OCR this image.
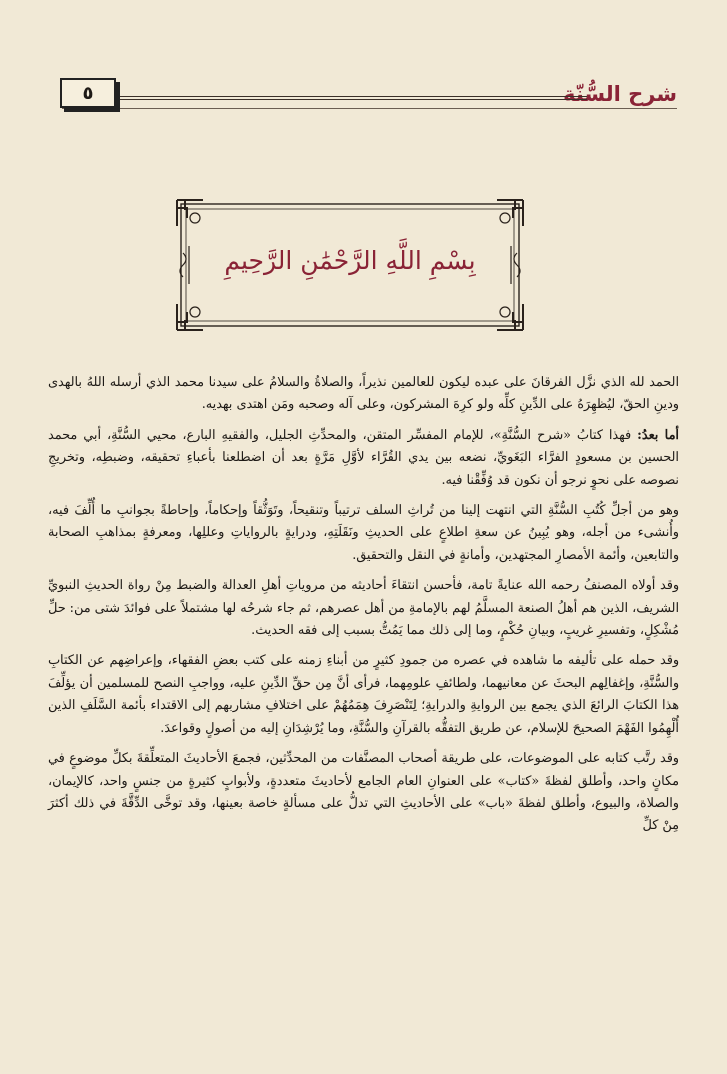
شرح السُّنّة
٥
بِسْمِ اللَّهِ الرَّحْمَٰنِ الرَّحِيمِ

الحمد لله الذي نزَّل الفرقانَ على عبده ليكون للعالمين نذيراً، والصلاةُ والسلامُ على سيدنا محمد الذي أرسله اللهُ بالهدى ودينِ الحقّ، ليُظهِرَهُ على الدِّينِ كلِّه ولو كرِهَ المشركون، وعلى آله وصحبه ومَن اهتدى بهديه.

أما بعدُ: فهذا كتابُ «شرح السُّنَّةِ»، للإمام المفسِّر المتقن، والمحدِّثِ الجليل، والفقيهِ البارع، محيي السُّنَّةِ، أبي محمد الحسين بن مسعودٍ الفرَّاء البَغَويِّ، نضعه بين يدي القُرَّاء لأوَّلِ مَرَّةٍ بعد أن اضطلعنا بأعباءِ تحقيقه، وضبطِه، وتخريجِ نصوصه على نحوٍ نرجو أن نكون قد وُفِّقْنا فيه.

وهو من أجلِّ كُتُبِ السُّنَّةِ التي انتهت إلينا من تُراثِ السلف ترتيباً وتنقيحاً، وتَوَثُّقاً وإحكاماً، وإحاطةً بجوانبِ ما أُلِّفَ فيه، وأُنشىء من أجله، وهو يُبِينُ عن سعةِ اطلاعٍ على الحديثِ ونَقَلَتِهِ، ودرايةٍ بالرواياتِ وعللِها، ومعرفةٍ بمذاهبِ الصحابة والتابعين، وأئمة الأمصارِ المجتهدين، وأمانةٍ في النقل والتحقيق.

وقد أولاه المصنفُ رحمه الله عنايةً تامة، فأحسن انتقاءَ أحاديثه من مروياتِ أهلِ العدالة والضبط مِنْ رواة الحديثِ النبويِّ الشريف، الذين هم أهلُ الصنعة المسلَّمُ لهم بالإمامةِ من أهل عصرهم، ثم جاء شرحُه لها مشتملاً على فوائدَ شتى من: حلِّ مُشْكِلٍ، وتفسيرِ غريبٍ، وبيانِ حُكْمٍ، وما إلى ذلك مما يَمُتُّ بسبب إلى فقه الحديث.

وقد حمله على تأليفه ما شاهده في عصره من جمودِ كثيرٍ من أبناءِ زمنه على كتب بعضِ الفقهاء، وإعراضِهم عن الكتابِ والسُّنَّةِ، وإغفالِهم البحثَ عن معانيهما، ولطائفِ علومِهما، فرأى أنَّ مِن حقِّ الدِّينِ عليه، وواجبِ النصح للمسلمين أن يؤلِّفَ هذا الكتابَ الرائعَ الذي يجمع بين الروايةِ والدرايةِ؛ لِتَنْصَرِفَ هِمَمُهُمْ على اختلافِ مشاربهم إلى الاقتداء بأئمة السَّلَفِ الذين أُلْهِمُوا الفَهْمَ الصحيحَ للإسلام، عن طريق التفقُّه بالقرآنِ والسُّنَّةِ، وما يُرْشِدَانِ إليه من أصولٍ وقواعدَ.

وقد رتَّب كتابه على الموضوعات، على طريقة أصحاب المصنَّفات من المحدِّثين، فجمعَ الأحاديثَ المتعلِّقةَ بكلِّ موضوعٍ في مكانٍ واحد، وأطلق لفظةَ «كتاب» على العنوانِ العام الجامع لأحاديثَ متعددةٍ، ولأبوابٍ كثيرةٍ من جنسٍ واحد، كالإيمان، والصلاة، والبيوع، وأطلق لفظةَ «باب» على الأحاديثِ التي تدلُّ على مسألةٍ خاصة بعينها، وقد توخَّى الدِّقَّةَ في ذلك أكثرَ مِنْ كلِّ
